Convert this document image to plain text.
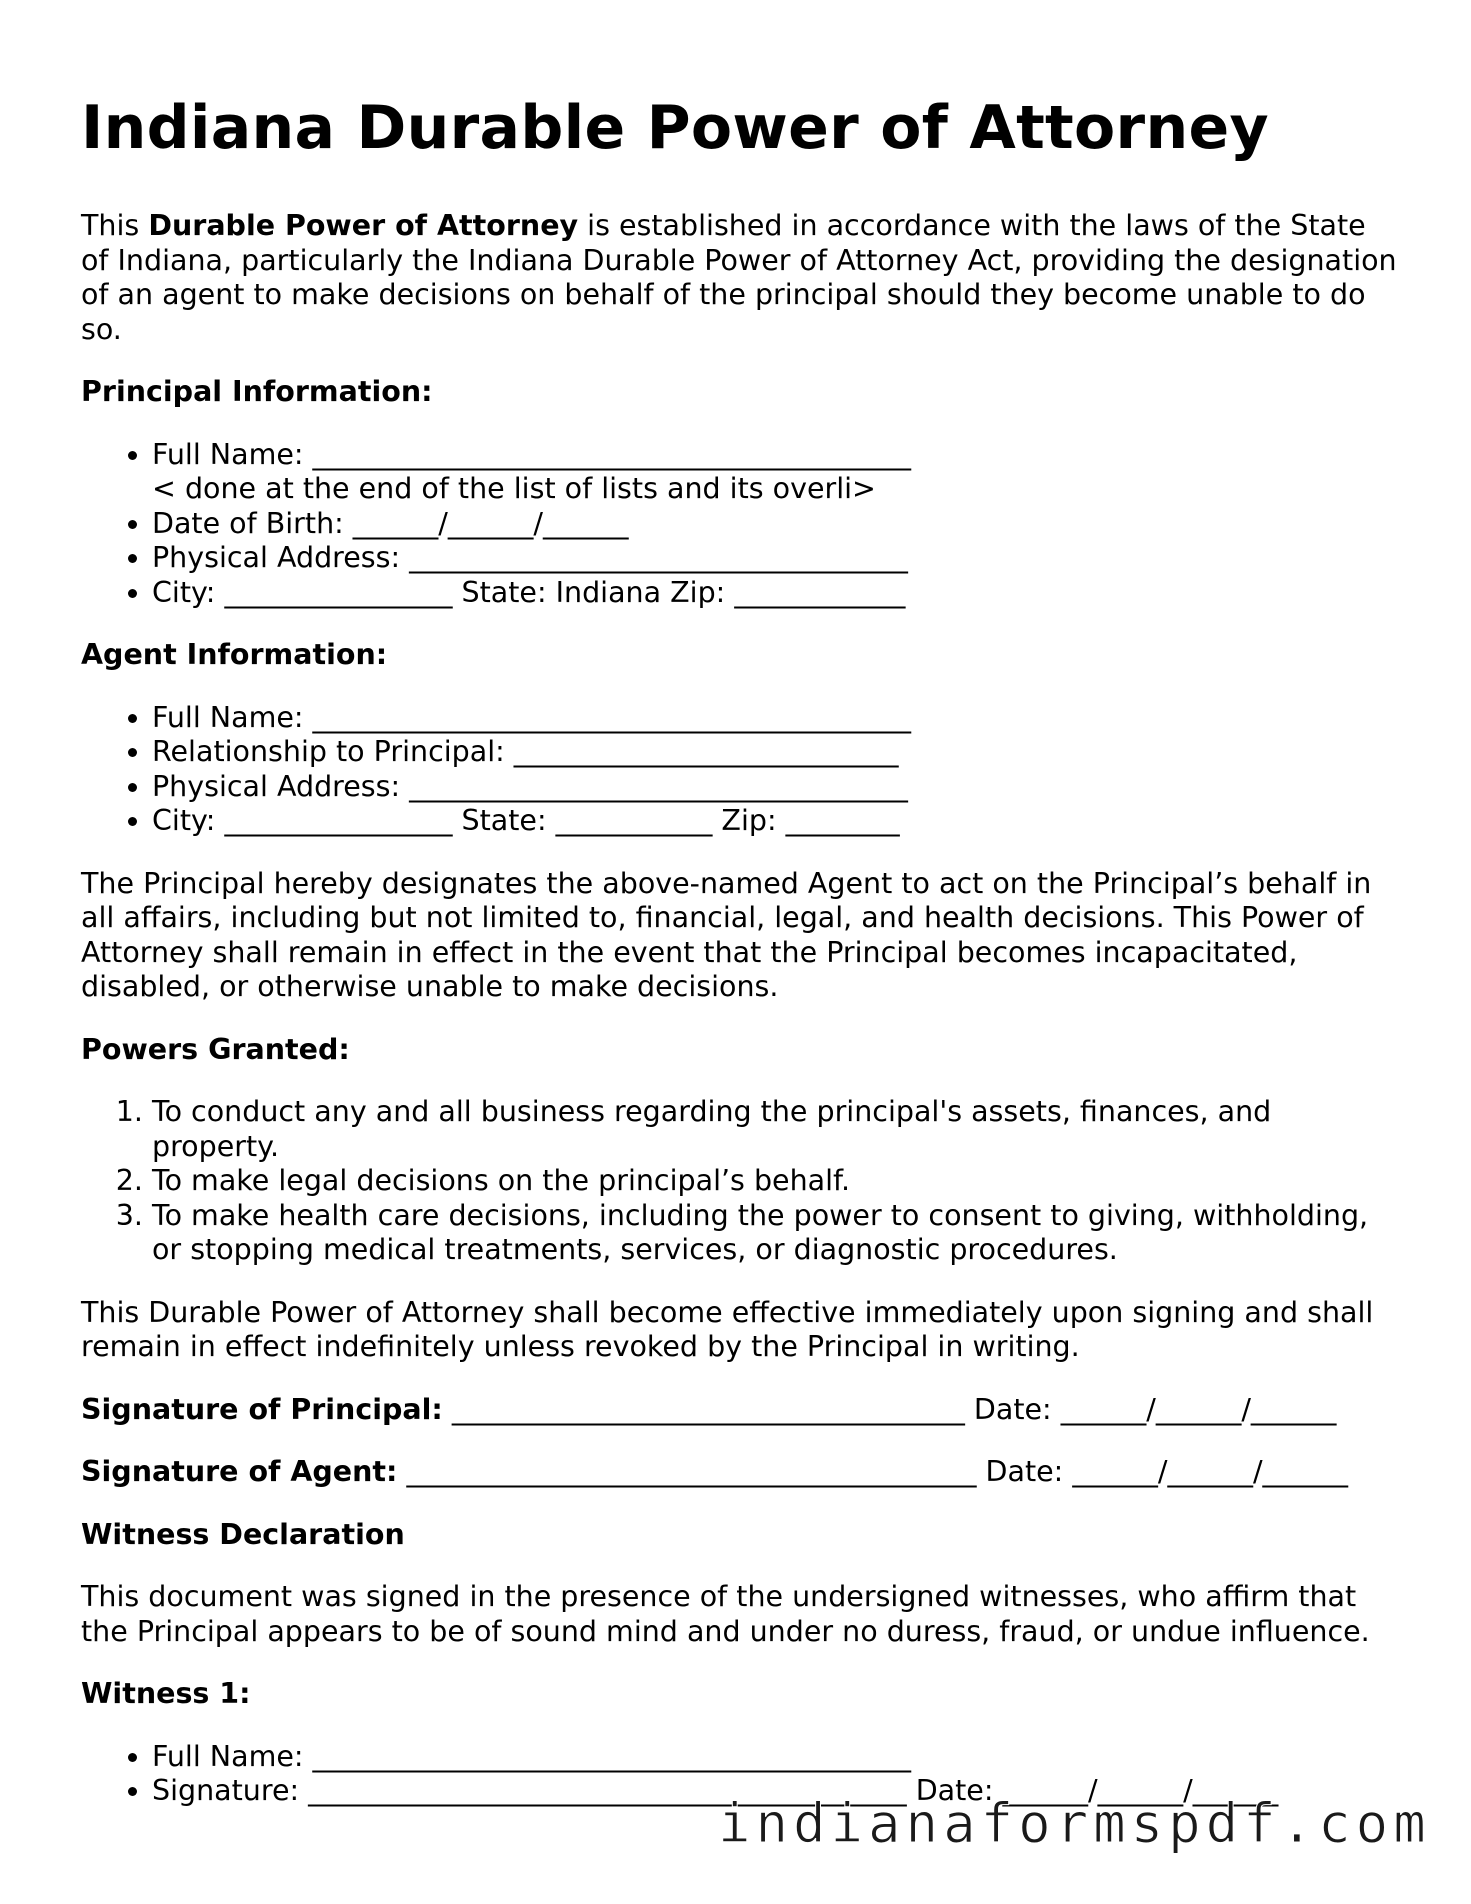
Indiana Durable Power of Attorney

This Durable Power of Attorney is established in accordance with the laws of the State of Indiana, particularly the Indiana Durable Power of Attorney Act, providing the designation of an agent to make decisions on behalf of the principal should they become unable to do so.

Principal Information:
• Full Name: __________________________________________
< done at the end of the list of lists and its overli>
• Date of Birth: ______/______/______
• Physical Address: ___________________________________
• City: ________________ State: Indiana Zip: ____________
Agent Information:
• Full Name: __________________________________________
• Relationship to Principal: ___________________________
• Physical Address: ___________________________________
• City: ________________ State: ___________ Zip: ________

The Principal hereby designates the above-named Agent to act on the Principal’s behalf in all affairs, including but not limited to, financial, legal, and health decisions. This Power of Attorney shall remain in effect in the event that the Principal becomes incapacitated, disabled, or otherwise unable to make decisions.

Powers Granted:
1. To conduct any and all business regarding the principal's assets, finances, and property.
2. To make legal decisions on the principal’s behalf.
3. To make health care decisions, including the power to consent to giving, withholding, or stopping medical treatments, services, or diagnostic procedures.

This Durable Power of Attorney shall become effective immediately upon signing and shall remain in effect indefinitely unless revoked by the Principal in writing.

Signature of Principal: ____________________________________ Date: ______/______/______
Signature of Agent: ________________________________________ Date: ______/______/______
Witness Declaration

This document was signed in the presence of the undersigned witnesses, who affirm that the Principal appears to be of sound mind and under no duress, fraud, or undue influence.

Witness 1:
• Full Name: __________________________________________
• Signature: __________________________________________ Date: ______/______/______
indianaformspdf.com
